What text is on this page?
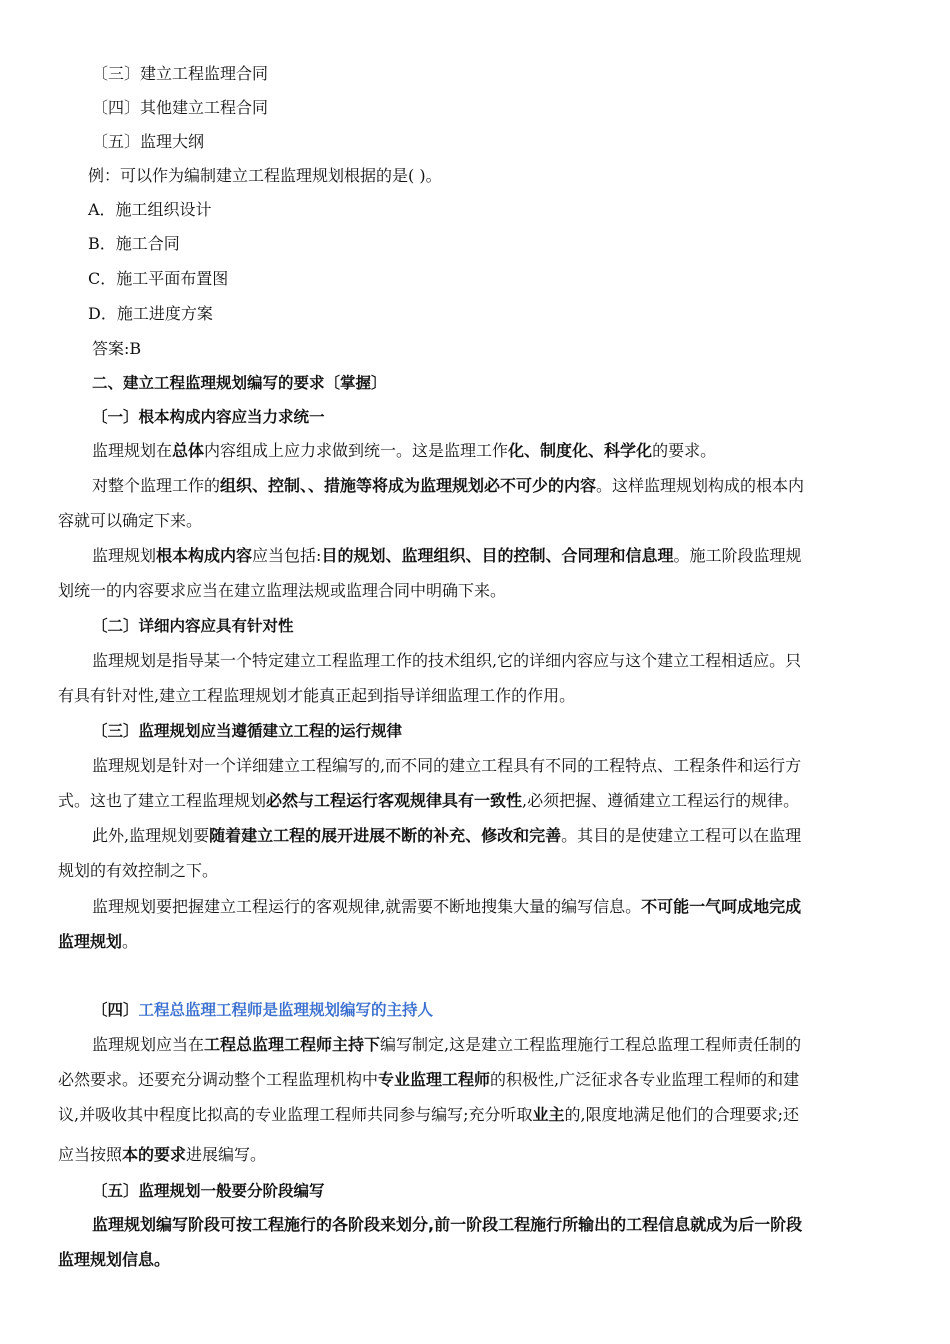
〔三〕建立工程监理合同
〔四〕其他建立工程合同
〔五〕监理大纲
例：可以作为编制建立工程监理规划根据的是( )。
A．施工组织设计
B．施工合同
C．施工平面布置图
D．施工进度方案
答案:B
二、建立工程监理规划编写的要求〔掌握〕
〔一〕根本构成内容应当力求统一
监理规划在总体内容组成上应力求做到统一。这是监理工作化、制度化、科学化的要求。
对整个监理工作的组织、控制、、措施等将成为监理规划必不可少的内容。这样监理规划构成的根本内
容就可以确定下来。
监理规划根本构成内容应当包括:目的规划、监理组织、目的控制、合同理和信息理。施工阶段监理规
划统一的内容要求应当在建立监理法规或监理合同中明确下来。
〔二〕详细内容应具有针对性
监理规划是指导某一个特定建立工程监理工作的技术组织,它的详细内容应与这个建立工程相适应。只
有具有针对性,建立工程监理规划才能真正起到指导详细监理工作的作用。
〔三〕监理规划应当遵循建立工程的运行规律
监理规划是针对一个详细建立工程编写的,而不同的建立工程具有不同的工程特点、工程条件和运行方
式。这也了建立工程监理规划必然与工程运行客观规律具有一致性,必须把握、遵循建立工程运行的规律。
此外,监理规划要随着建立工程的展开进展不断的补充、修改和完善。其目的是使建立工程可以在监理
规划的有效控制之下。
监理规划要把握建立工程运行的客观规律,就需要不断地搜集大量的编写信息。不可能一气呵成地完成
监理规划。
〔四〕工程总监理工程师是监理规划编写的主持人
监理规划应当在工程总监理工程师主持下编写制定,这是建立工程监理施行工程总监理工程师责任制的
必然要求。还要充分调动整个工程监理机构中专业监理工程师的积极性,广泛征求各专业监理工程师的和建
议,并吸收其中程度比拟高的专业监理工程师共同参与编写;充分听取业主的,限度地满足他们的合理要求;还
应当按照本的要求进展编写。
〔五〕监理规划一般要分阶段编写
监理规划编写阶段可按工程施行的各阶段来划分,前一阶段工程施行所输出的工程信息就成为后一阶段
监理规划信息。
